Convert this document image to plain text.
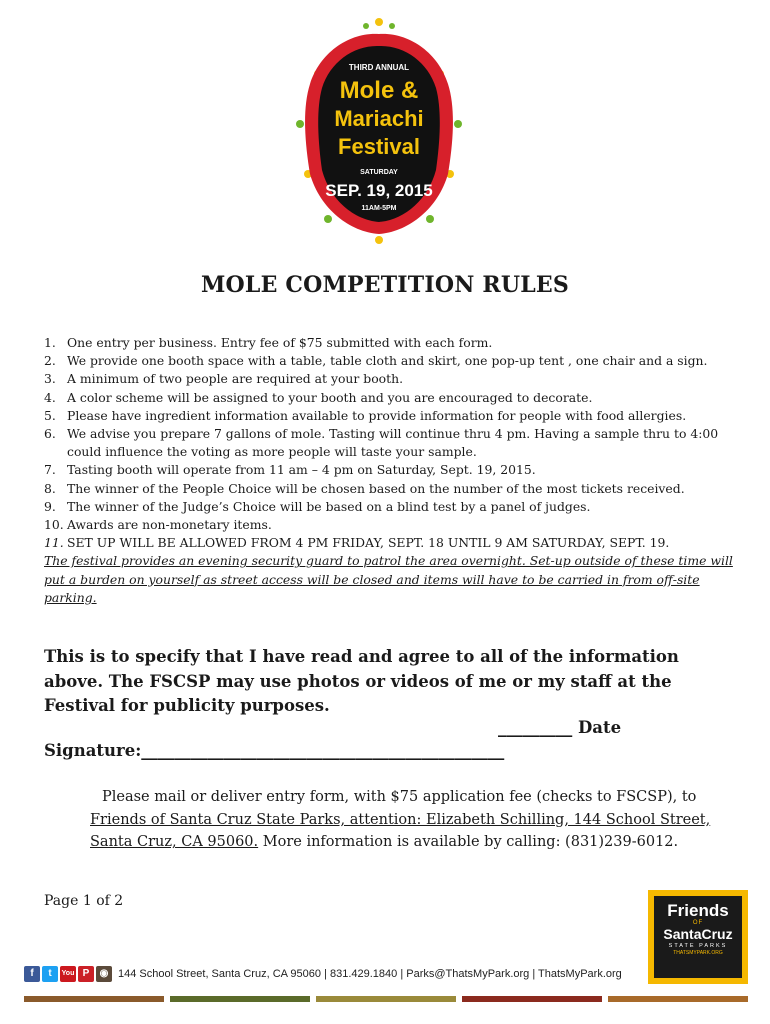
THIRD ANNUAL
Mole &
Mariachi
Festival
SATURDAY
SEP. 19, 2015
11AM-5PM
MOLE COMPETITION RULES
1. One entry per business. Entry fee of $75 submitted with each form.
2. We provide one booth space with a table, table cloth and skirt, one pop-up tent , one chair and a sign.
3. A minimum of two people are required at your booth.
4. A color scheme will be assigned to your booth and you are encouraged to decorate.
5. Please have ingredient information available to provide information for people with food allergies.
6. We advise you prepare 7 gallons of mole. Tasting will continue thru 4 pm. Having a sample thru to 4:00 could influence the voting as more people will taste your sample.
7. Tasting booth will operate from 11 am – 4 pm on Saturday, Sept. 19, 2015.
8. The winner of the People Choice will be chosen based on the number of the most tickets received.
9. The winner of the Judge’s Choice will be based on a blind test by a panel of judges.
10. Awards are non-monetary items.
11. SET UP WILL BE ALLOWED FROM 4 PM FRIDAY, SEPT. 18 UNTIL 9 AM SATURDAY, SEPT. 19.
The festival provides an evening security guard to patrol the area overnight. Set-up outside of these time will put a burden on yourself as street access will be closed and items will have to be carried in from off-site parking.
This is to specify that I have read and agree to all of the information above. The FSCSP may use photos or videos of me or my staff at the Festival for publicity purposes.
_________ Date
Signature:____________________________________________
Please mail or deliver entry form, with $75 application fee (checks to FSCSP), to
Friends of Santa Cruz State Parks, attention: Elizabeth Schilling, 144 School Street,
Santa Cruz, CA 95060. More information is available by calling: (831)239-6012.
Page 1 of 2	Friends
OF
SantaCruz
STATE PARKS
THATSMYPARK.ORG
f	t	You P	◉ 144 School Street, Santa Cruz, CA 95060 | 831.429.1840 | Parks@ThatsMyPark.org | ThatsMyPark.org
